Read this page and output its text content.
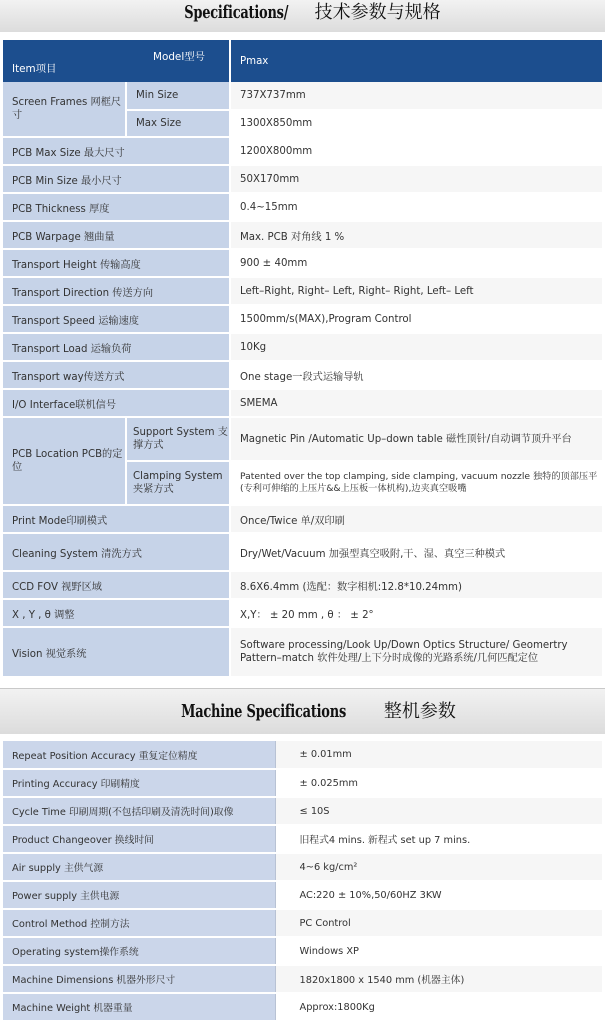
Specifications/ 技术参数与规格
Model型号
Item项目		Pmax
Screen Frames 网框尺寸	Min Size	737X737mm
	Max Size	1300X850mm
PCB Max Size 最大尺寸		1200X800mm
PCB Min Size 最小尺寸		50X170mm
PCB Thickness 厚度		0.4~15mm
PCB Warpage 翘曲量		Max. PCB 对角线 1 %
Transport Height 传输高度		900 ± 40mm
Transport Direction 传送方向		Left–Right, Right– Left, Right– Right, Left– Left
Transport Speed 运输速度		1500mm/s(MAX),Program Control
Transport Load 运输负荷		10Kg
Transport way传送方式		One stage一段式运输导轨
I/O Interface联机信号		SMEMA
PCB Location PCB的定位	Support System 支撑方式	Magnetic Pin /Automatic Up–down table 磁性顶针/自动调节顶升平台
	Clamping System 夹紧方式	Patented over the top clamping, side clamping, vacuum nozzle 独特的顶部压平(专利可伸缩的上压片&&上压板一体机构),边夹真空吸嘴
Print Mode印刷模式		Once/Twice 单/双印刷
Cleaning System 清洗方式		Dry/Wet/Vacuum 加强型真空吸附,干、湿、真空三种模式
CCD FOV 视野区域		8.6X6.4mm (选配：数字相机:12.8*10.24mm)
X , Y , θ 调整		X,Y： ± 20 mm , θ ： ± 2°
Vision 视觉系统		Software processing/Look Up/Down Optics Structure/ Geomertry Pattern–match 软件处理/上下分时成像的光路系统/几何匹配定位
Machine Specifications 整机参数
Repeat Position Accuracy 重复定位精度	± 0.01mm
Printing Accuracy 印刷精度	± 0.025mm
Cycle Time 印刷周期(不包括印刷及清洗时间)取像	≤ 10S
Product Changeover 换线时间	旧程式4 mins. 新程式 set up 7 mins.
Air supply 主供气源	4~6 kg/cm²
Power supply 主供电源	AC:220 ± 10%,50/60HZ 3KW
Control Method 控制方法	PC Control
Operating system操作系统	Windows XP
Machine Dimensions 机器外形尺寸	1820x1800 x 1540 mm (机器主体)
Machine Weight 机器重量	Approx:1800Kg
